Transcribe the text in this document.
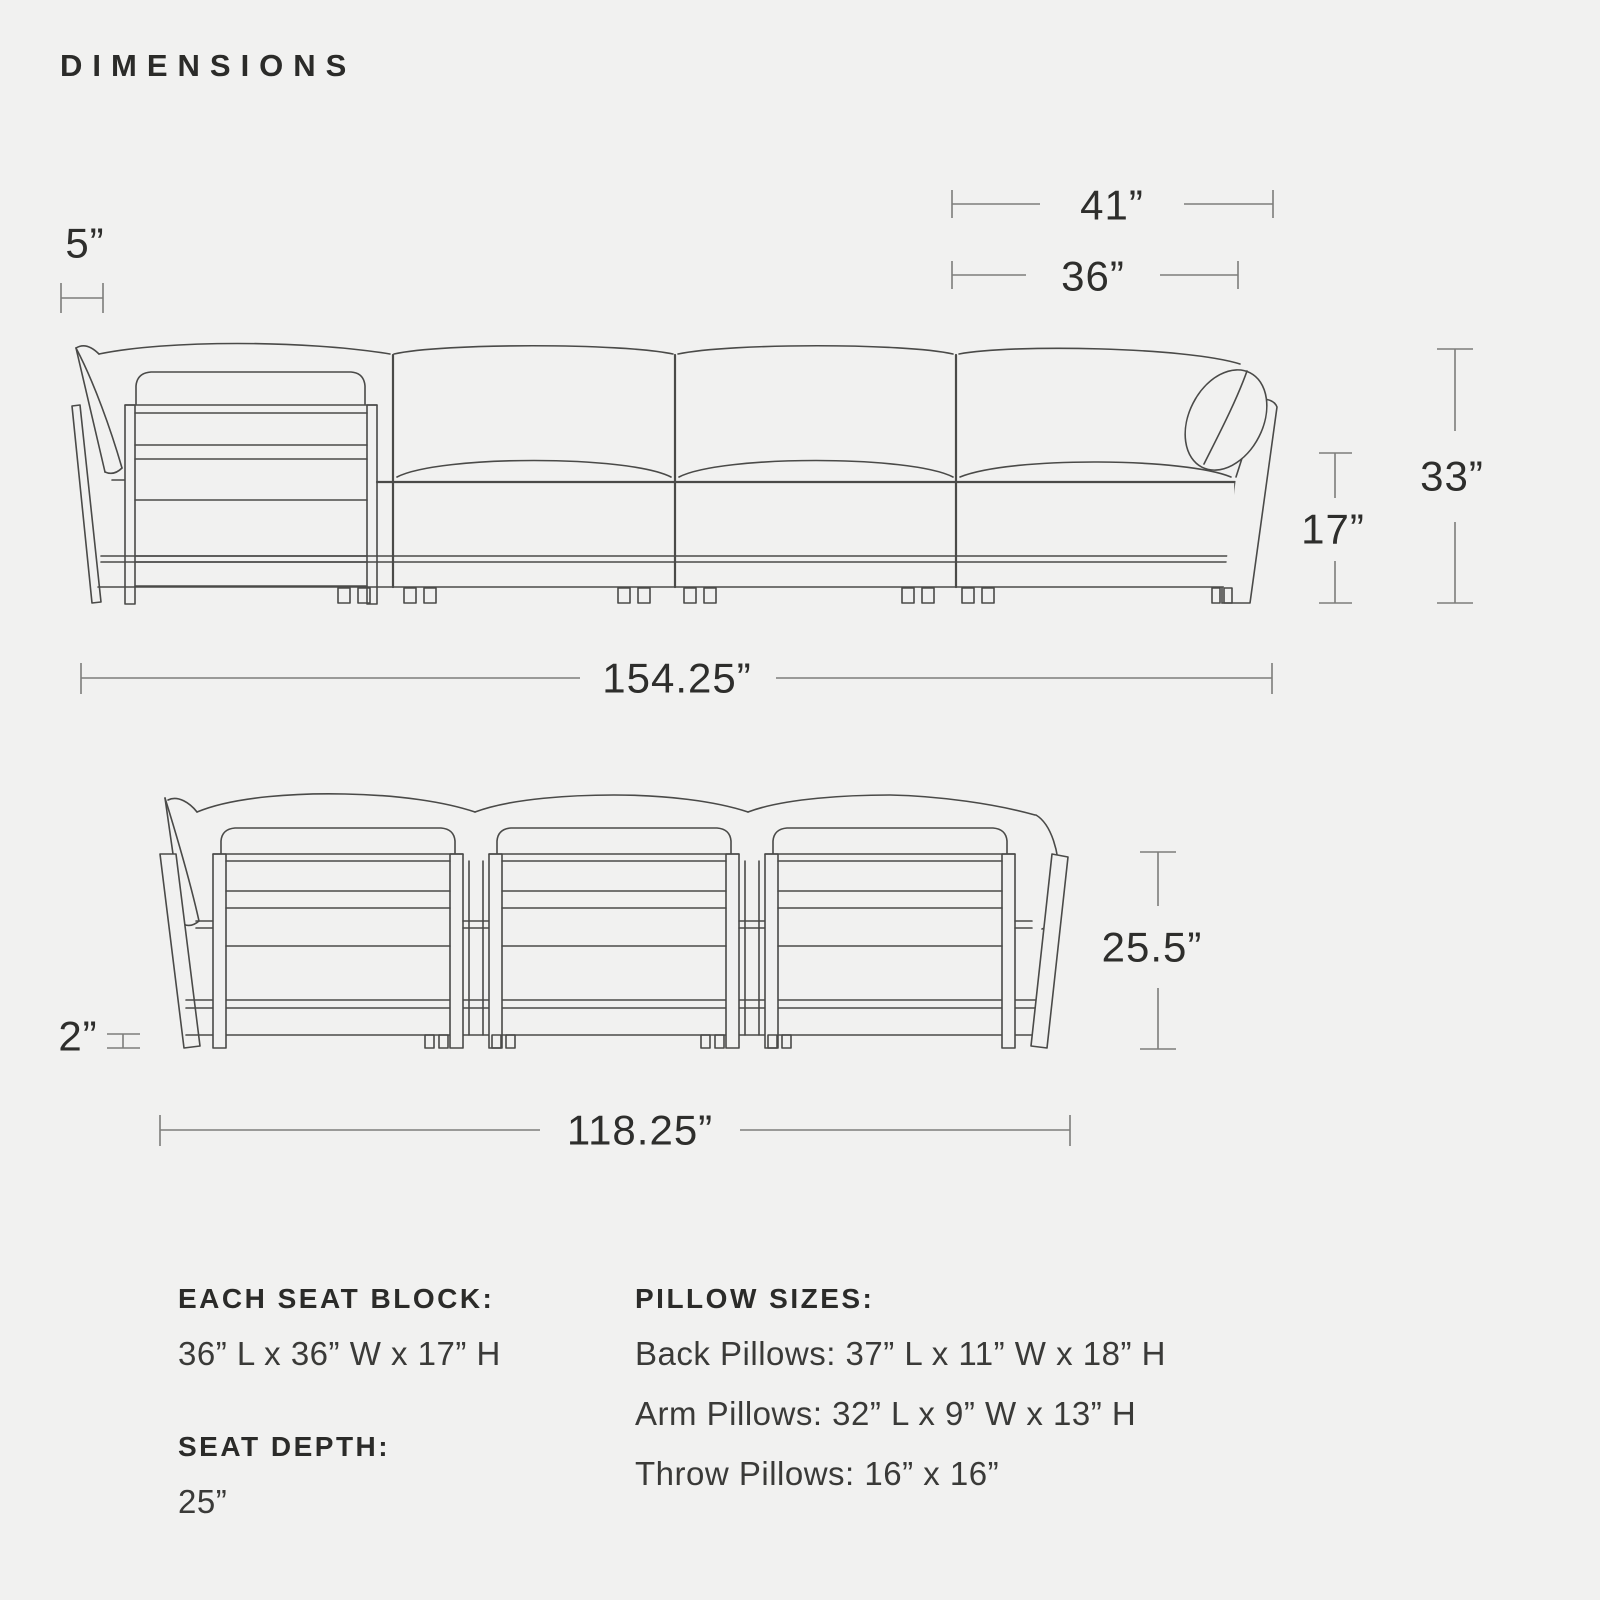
DIMENSIONS
5”
41”
36”
33”
17”
154.25”
2”
25.5”
118.25”

EACH SEAT BLOCK:

36” L x 36” W x 17” H

SEAT DEPTH:

25”

PILLOW SIZES:

Back Pillows: 37” L x 11” W x 18” H

Arm Pillows: 32” L x 9” W x 13” H

Throw Pillows: 16” x 16”
